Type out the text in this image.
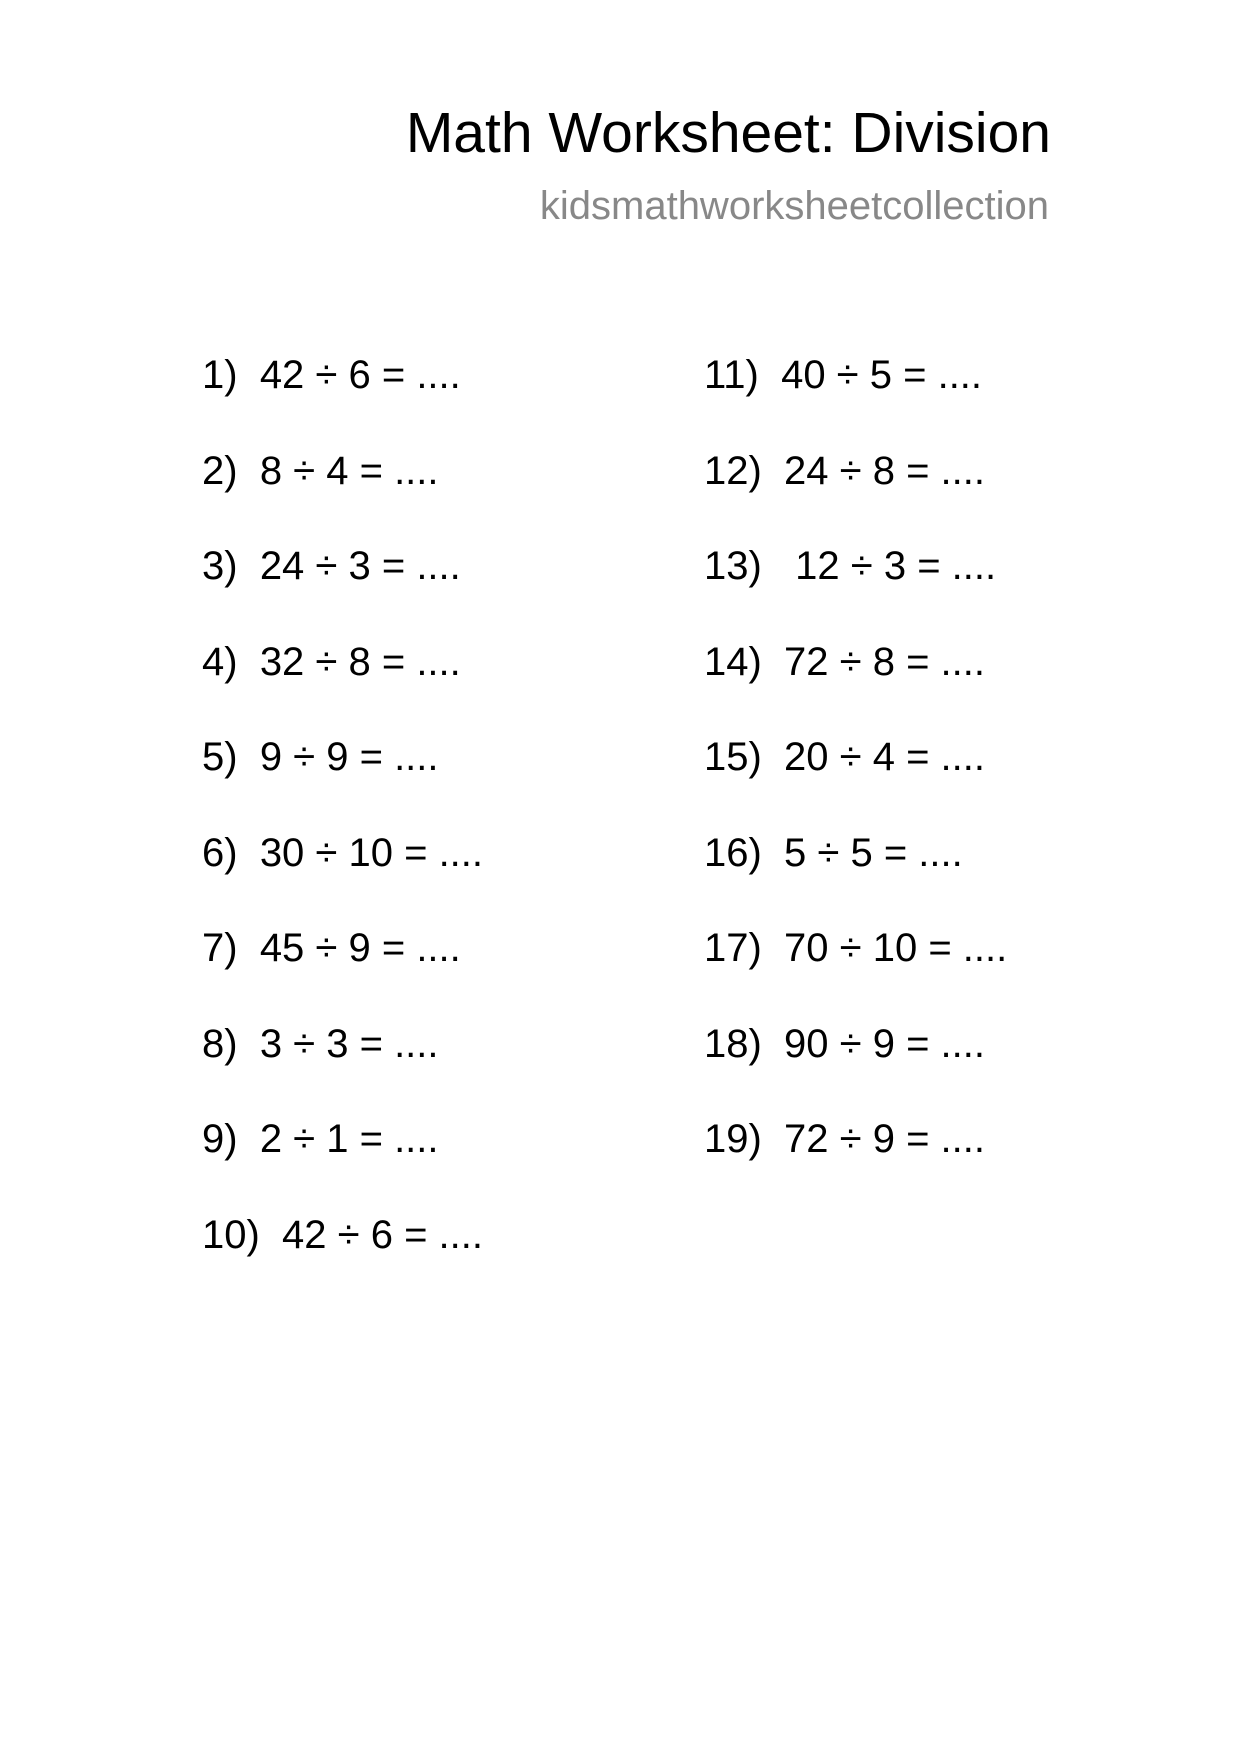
Math Worksheet: Division
kidsmathworksheetcollection
1) 42 ÷ 6 = ....
2) 8 ÷ 4 = ....
3) 24 ÷ 3 = ....
4) 32 ÷ 8 = ....
5) 9 ÷ 9 = ....
6) 30 ÷ 10 = ....
7) 45 ÷ 9 = ....
8) 3 ÷ 3 = ....
9) 2 ÷ 1 = ....
10) 42 ÷ 6 = ....
11) 40 ÷ 5 = ....
12) 24 ÷ 8 = ....
13)   12 ÷ 3 = ....
14) 72 ÷ 8 = ....
15) 20 ÷ 4 = ....
16) 5 ÷ 5 = ....
17) 70 ÷ 10 = ....
18) 90 ÷ 9 = ....
19) 72 ÷ 9 = ....
